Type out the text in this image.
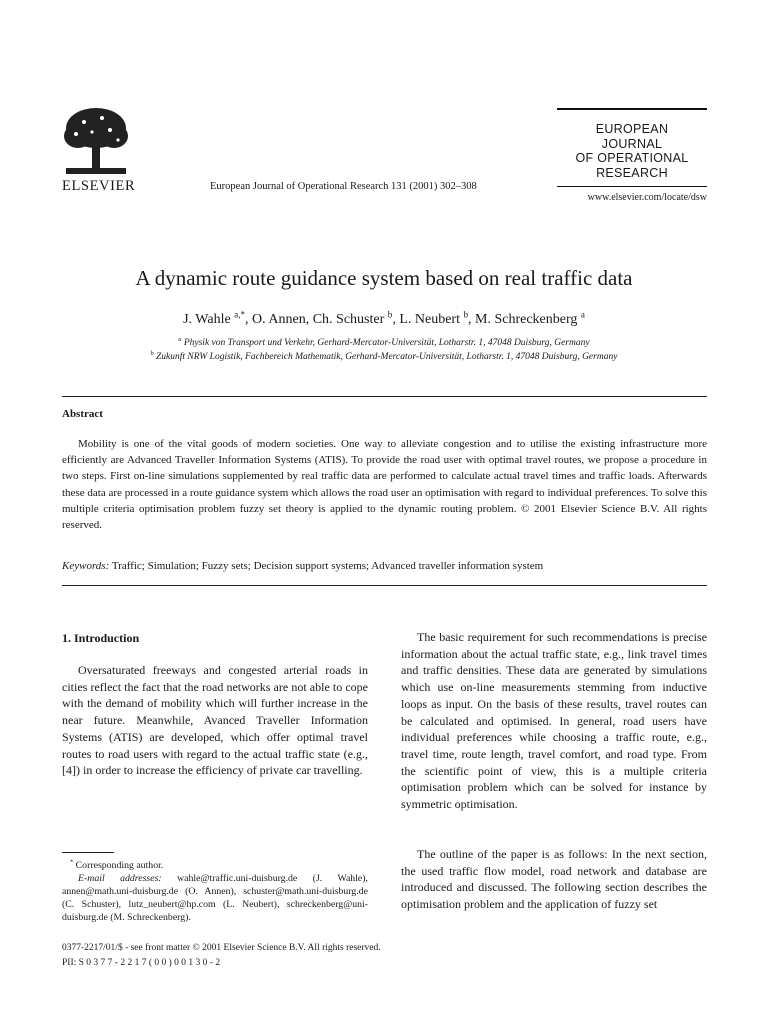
ELSEVIER	European Journal of Operational Research 131 (2001) 302–308
EUROPEAN
JOURNAL
OF OPERATIONAL
RESEARCH
www.elsevier.com/locate/dsw
A dynamic route guidance system based on real traffic data
J. Wahle $^{a,*}$, O. Annen, Ch. Schuster $^b$, L. Neubert $^b$, M. Schreckenberg $^a$
$^a$ Physik von Transport und Verkehr, Gerhard-Mercator-Universität, Lotharstr. 1, 47048 Duisburg, Germany
$^b$ Zukunft NRW Logistik, Fachbereich Mathematik, Gerhard-Mercator-Universität, Lotharstr. 1, 47048 Duisburg, Germany
Abstract

Mobility is one of the vital goods of modern societies. One way to alleviate congestion and to utilise the existing infrastructure more efficiently are Advanced Traveller Information Systems (ATIS). To provide the road user with optimal travel routes, we propose a procedure in two steps. First on-line simulations supplemented by real traffic data are performed to calculate actual travel times and traffic loads. Afterwards these data are processed in a route guidance system which allows the road user an optimisation with regard to individual preferences. To solve this multiple criteria optimisation problem fuzzy set theory is applied to the dynamic routing problem. © 2001 Elsevier Science B.V. All rights reserved.

Keywords: Traffic; Simulation; Fuzzy sets; Decision support systems; Advanced traveller information system
1. Introduction

Oversaturated freeways and congested arterial roads in cities reflect the fact that the road networks are not able to cope with the demand of mobility which will further increase in the near future. Meanwhile, Avanced Traveller Information Systems (ATIS) are developed, which offer optimal travel routes to road users with regard to the actual traffic state (e.g., [4]) in order to increase the efficiency of private car travelling.

The basic requirement for such recommendations is precise information about the actual traffic state, e.g., link travel times and traffic densities. These data are generated by simulations which use on-line measurements stemming from inductive loops as input. On the basis of these results, travel routes can be calculated and optimised. In general, road users have individual preferences while choosing a traffic route, e.g., travel time, route length, travel comfort, and road type. From the scientific point of view, this is a multiple criteria optimisation problem which can be solved for instance by symmetric optimisation.

The outline of the paper is as follows: In the next section, the used traffic flow model, road network and database are introduced and discussed. The following section describes the optimisation problem and the application of fuzzy set

* Corresponding author.

E-mail addresses: wahle@traffic.uni-duisburg.de (J. Wahle), annen@math.uni-duisburg.de (O. Annen), schuster@math.uni-duisburg.de (C. Schuster), lutz_neubert@hp.com (L. Neubert), schreckenberg@uni-duisburg.de (M. Schreckenberg).

0377-2217/01/$ - see front matter © 2001 Elsevier Science B.V. All rights reserved.
PII: S 0 3 7 7 - 2 2 1 7 ( 0 0 ) 0 0 1 3 0 - 2
